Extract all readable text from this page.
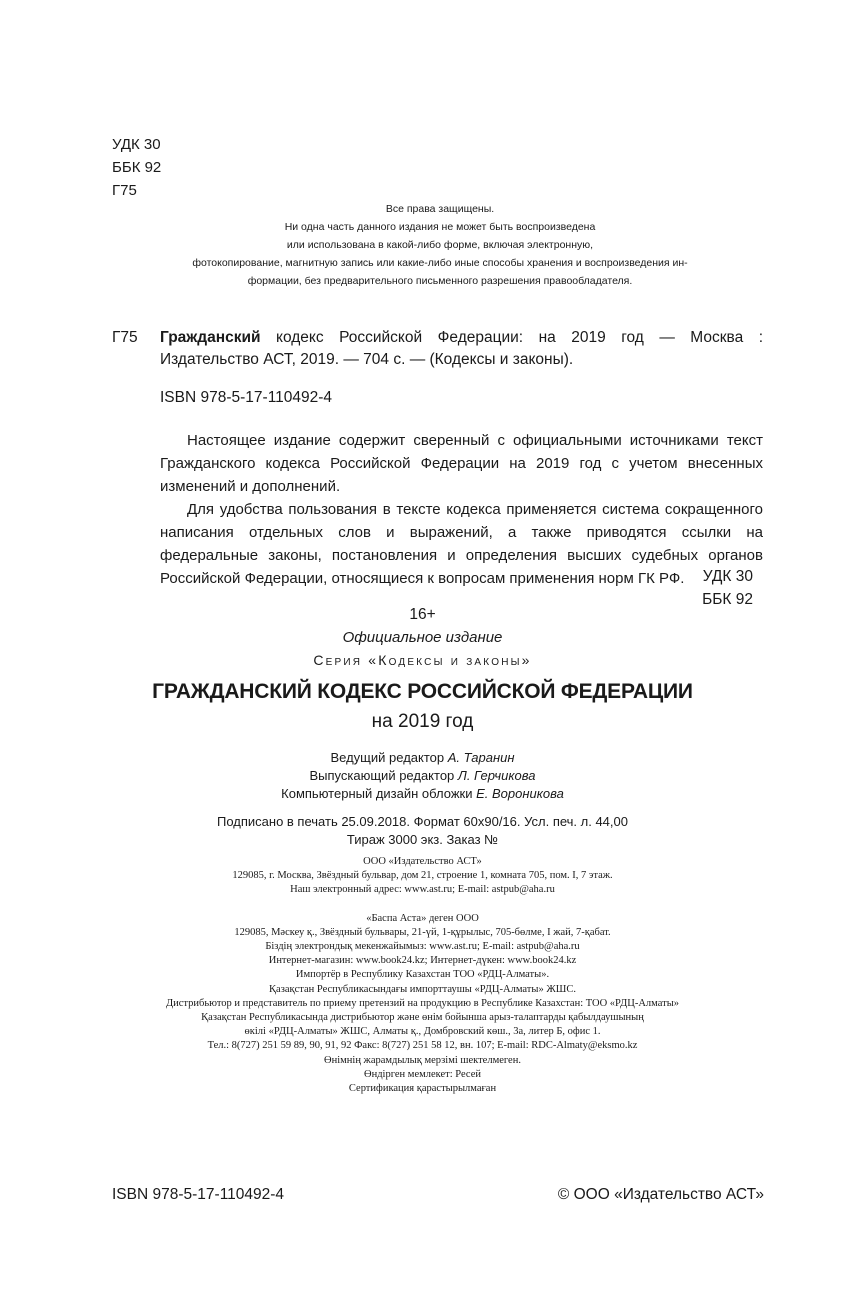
УДК 30
ББК 92
Г75
Все права защищены.
Ни одна часть данного издания не может быть воспроизведена
или использована в какой-либо форме, включая электронную,
фотокопирование, магнитную запись или какие-либо иные способы хранения и воспроизведения ин-
формации, без предварительного письменного разрешения правообладателя.
Г75 Гражданский кодекс Российской Федерации: на 2019 год — Москва : Издательство АСТ, 2019. — 704 с. — (Кодексы и законы).
ISBN 978-5-17-110492-4

Настоящее издание содержит сверенный с официальными источниками текст Гражданского кодекса Российской Федерации на 2019 год с учетом внесенных изменений и дополнений.

Для удобства пользования в тексте кодекса применяется система сокращенного написания отдельных слов и выражений, а также приводятся ссылки на федеральные законы, постановления и определения высших судебных органов Российской Федерации, относящиеся к вопросам применения норм ГК РФ.	УДК 30
ББК 92
16+
Официальное издание
Серия «Кодексы и законы»
ГРАЖДАНСКИЙ КОДЕКС РОССИЙСКОЙ ФЕДЕРАЦИИ
на 2019 год
Ведущий редактор А. Таранин
Выпускающий редактор Л. Герчикова
Компьютерный дизайн обложки Е. Вороникова
Подписано в печать 25.09.2018. Формат 60x90/16. Усл. печ. л. 44,00
Тираж 3000 экз. Заказ №
ООО «Издательство АСТ»
129085, г. Москва, Звёздный бульвар, дом 21, строение 1, комната 705, пом. I, 7 этаж.
Наш электронный адрес: www.ast.ru; E-mail: astpub@aha.ru
«Баспа Аста» деген ООО
129085, Мәскеу қ., Звёздный бульвары, 21-үй, 1-құрылыс, 705-бөлме, I жай, 7-қабат.
Біздің электрондық мекенжайымыз: www.ast.ru; E-mail: astpub@aha.ru
Интернет-магазин: www.book24.kz; Интернет-дүкен: www.book24.kz
Импортёр в Республику Казахстан ТОО «РДЦ-Алматы».
Қазақстан Республикасындағы импорттаушы «РДЦ-Алматы» ЖШС.
Дистрибьютор и представитель по приему претензий на продукцию в Республике Казахстан: ТОО «РДЦ-Алматы»
Қазақстан Республикасында дистрибьютор және өнім бойынша арыз-талаптарды қабылдаушының
өкілі «РДЦ-Алматы» ЖШС, Алматы қ., Домбровский көш., 3а, литер Б, офис 1.
Тел.: 8(727) 251 59 89, 90, 91, 92 Факс: 8(727) 251 58 12, вн. 107; E-mail: RDC-Almaty@eksmo.kz
Өнімнің жарамдылық мерзімі шектелмеген.
Өндірген мемлекет: Ресей
Сертификация қарастырылмаған
ISBN 978-5-17-110492-4	© ООО «Издательство АСТ»
